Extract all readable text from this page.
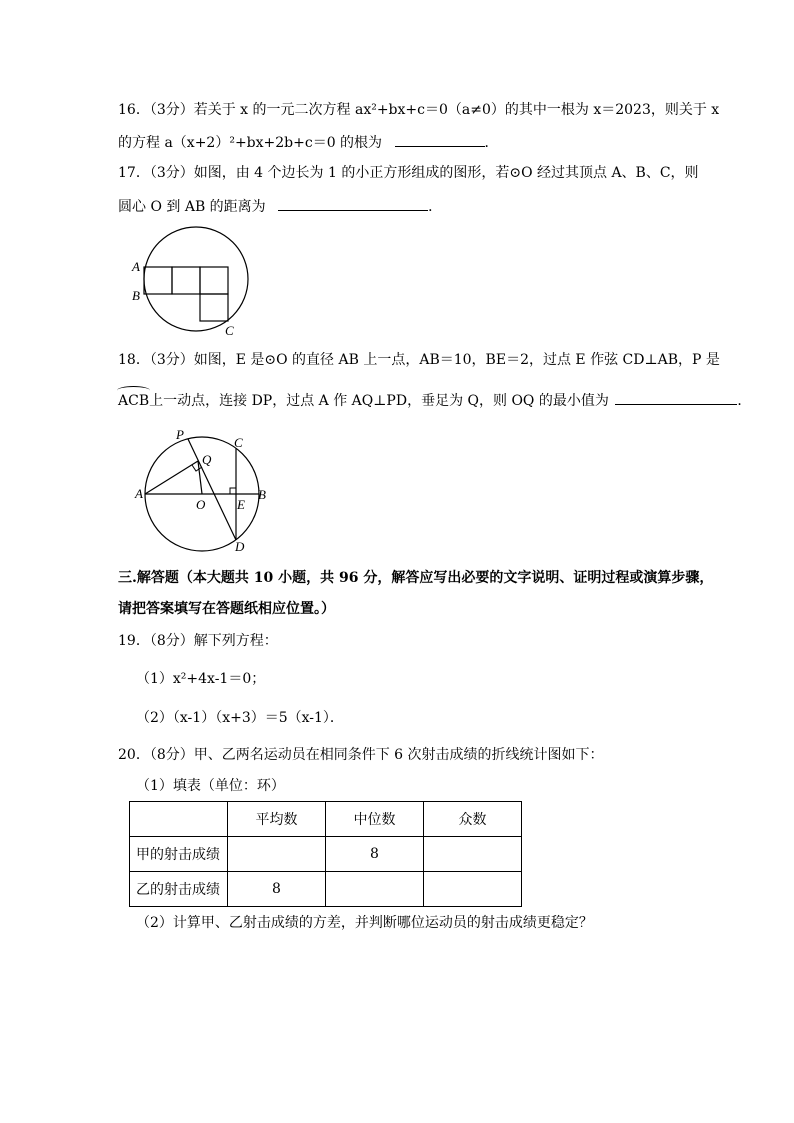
16．（3分）若关于 x 的一元二次方程 ax²+bx+c＝0（a≠0）的其中一根为 x＝2023，则关于 x
的方程 a（x+2）²+bx+2b+c＝0 的根为	．
17．（3分）如图，由 4 个边长为 1 的小正方形组成的图形，若⊙O 经过其顶点 A、B、C，则
圆心 O 到 AB 的距离为	．
A
B
C
18．（3分）如图，E 是⊙O 的直径 AB 上一点，AB＝10，BE＝2，过点 E 作弦 CD⊥AB，P 是
ACB上一动点，连接 DP，过点 A 作 AQ⊥PD，垂足为 Q，则 OQ 的最小值为	．
P
C
Q
A
O E
B
D
三.解答题（本大题共 10 小题，共 96 分，解答应写出必要的文字说明、证明过程或演算步骤，
请把答案填写在答题纸相应位置。）
19．（8分）解下列方程：
（1）x²+4x-1＝0；
（2）（x-1）（x+3）＝5（x-1）．
20．（8分）甲、乙两名运动员在相同条件下 6 次射击成绩的折线统计图如下：
（1）填表（单位：环）
	平均数	中位数	众数
甲的射击成绩		8	
乙的射击成绩	8		
（2）计算甲、乙射击成绩的方差，并判断哪位运动员的射击成绩更稳定？
